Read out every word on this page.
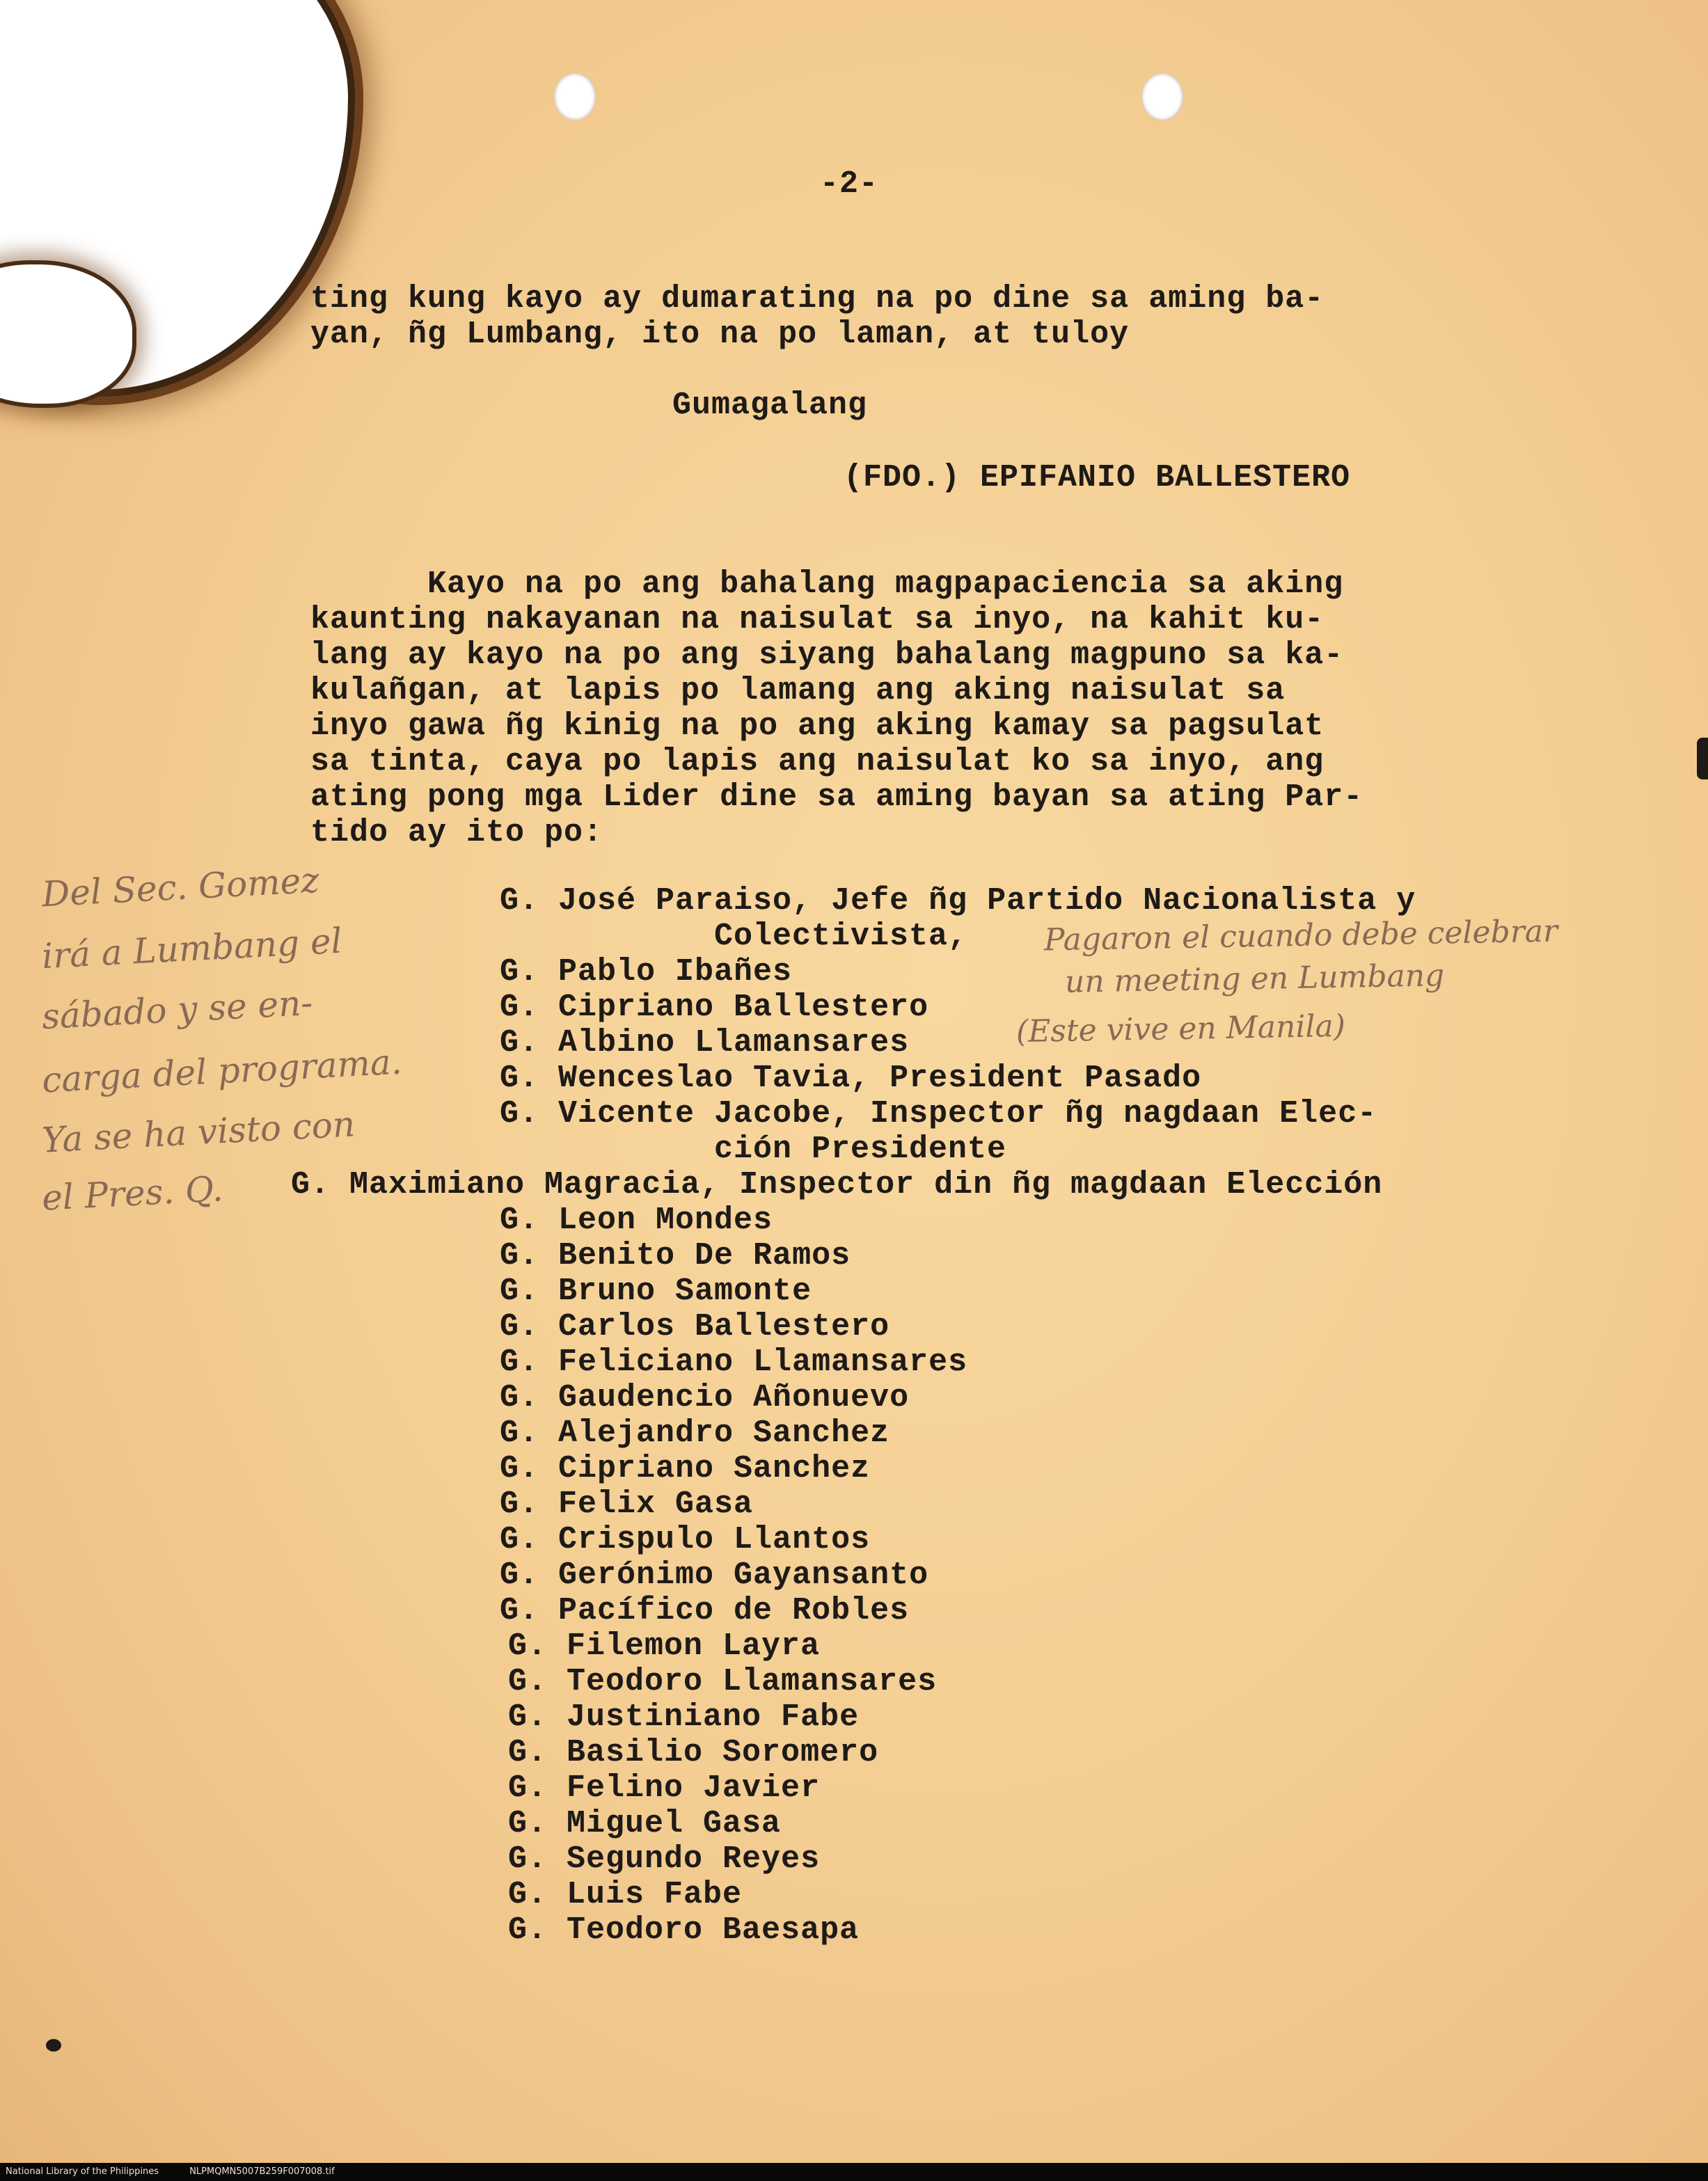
-2-
ting kung kayo ay dumarating na po dine sa aming ba-
yan, ñg Lumbang, ito na po laman, at tuloy
Gumagalang
(FDO.) EPIFANIO BALLESTERO
Kayo na po ang bahalang magpapaciencia sa aking
kaunting nakayanan na naisulat sa inyo, na kahit ku-
lang ay kayo na po ang siyang bahalang magpuno sa ka-
kulañgan, at lapis po lamang ang aking naisulat sa
inyo gawa ñg kinig na po ang aking kamay sa pagsulat
sa tinta, caya po lapis ang naisulat ko sa inyo, ang
ating pong mga Lider dine sa aming bayan sa ating Par-
tido ay ito po:
G. José Paraiso, Jefe ñg Partido Nacionalista y
Colectivista,
G. Pablo Ibañes
G. Cipriano Ballestero
G. Albino Llamansares
G. Wenceslao Tavia, President Pasado
G. Vicente Jacobe, Inspector ñg nagdaan Elec-
ción Presidente
G. Maximiano Magracia, Inspector din ñg magdaan Elección
G. Leon Mondes
G. Benito De Ramos
G. Bruno Samonte
G. Carlos Ballestero
G. Feliciano Llamansares
G. Gaudencio Añonuevo
G. Alejandro Sanchez
G. Cipriano Sanchez
G. Felix Gasa
G. Crispulo Llantos
G. Gerónimo Gayansanto
G. Pacífico de Robles
G. Filemon Layra
G. Teodoro Llamansares
G. Justiniano Fabe
G. Basilio Soromero
G. Felino Javier
G. Miguel Gasa
G. Segundo Reyes
G. Luis Fabe
G. Teodoro Baesapa
Del Sec. Gomez
irá a Lumbang el
sábado y se en-
carga del programa.
Ya se ha visto con
el Pres. Q.
Pagaron el cuando debe celebrar
un meeting en Lumbang
(Este vive en Manila)
National Library of the Philippines	NLPMQMN5007B259F007008.tif
